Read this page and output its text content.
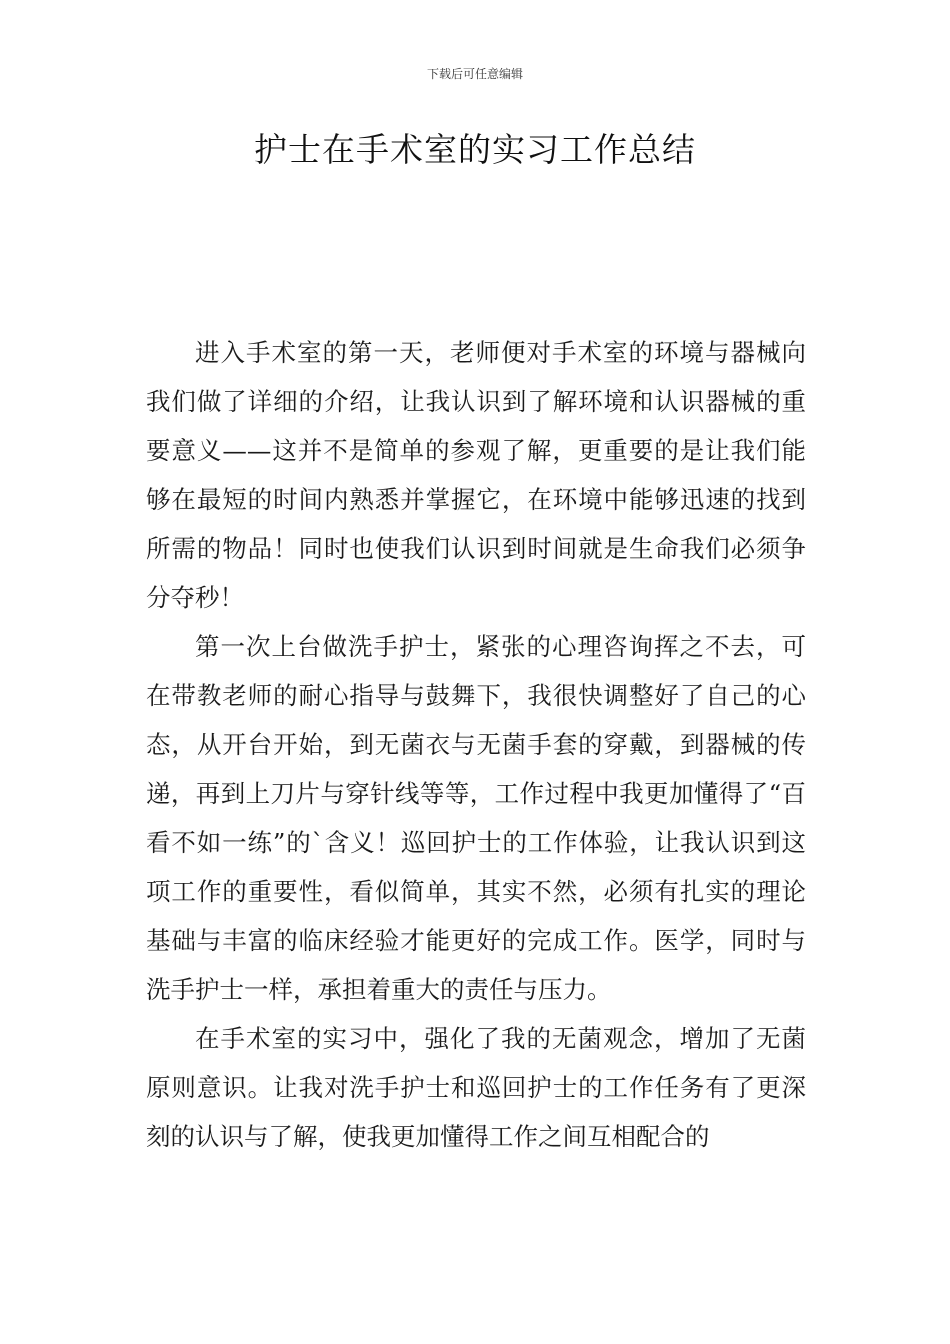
下载后可任意编辑
护士在手术室的实习工作总结

进入手术室的第一天，老师便对手术室的环境与器械向我们做了详细的介绍，让我认识到了解环境和认识器械的重要意义——这并不是简单的参观了解，更重要的是让我们能够在最短的时间内熟悉并掌握它，在环境中能够迅速的找到所需的物品！同时也使我们认识到时间就是生命我们必须争分夺秒！

第一次上台做洗手护士，紧张的心理咨询挥之不去，可在带教老师的耐心指导与鼓舞下，我很快调整好了自己的心态，从开台开始，到无菌衣与无菌手套的穿戴，到器械的传递，再到上刀片与穿针线等等，工作过程中我更加懂得了“百看不如一练”的`含义！巡回护士的工作体验，让我认识到这项工作的重要性，看似简单，其实不然，必须有扎实的理论基础与丰富的临床经验才能更好的完成工作。医学，同时与洗手护士一样，承担着重大的责任与压力。

在手术室的实习中，强化了我的无菌观念，增加了无菌原则意识。让我对洗手护士和巡回护士的工作任务有了更深刻的认识与了解，使我更加懂得工作之间互相配合的
